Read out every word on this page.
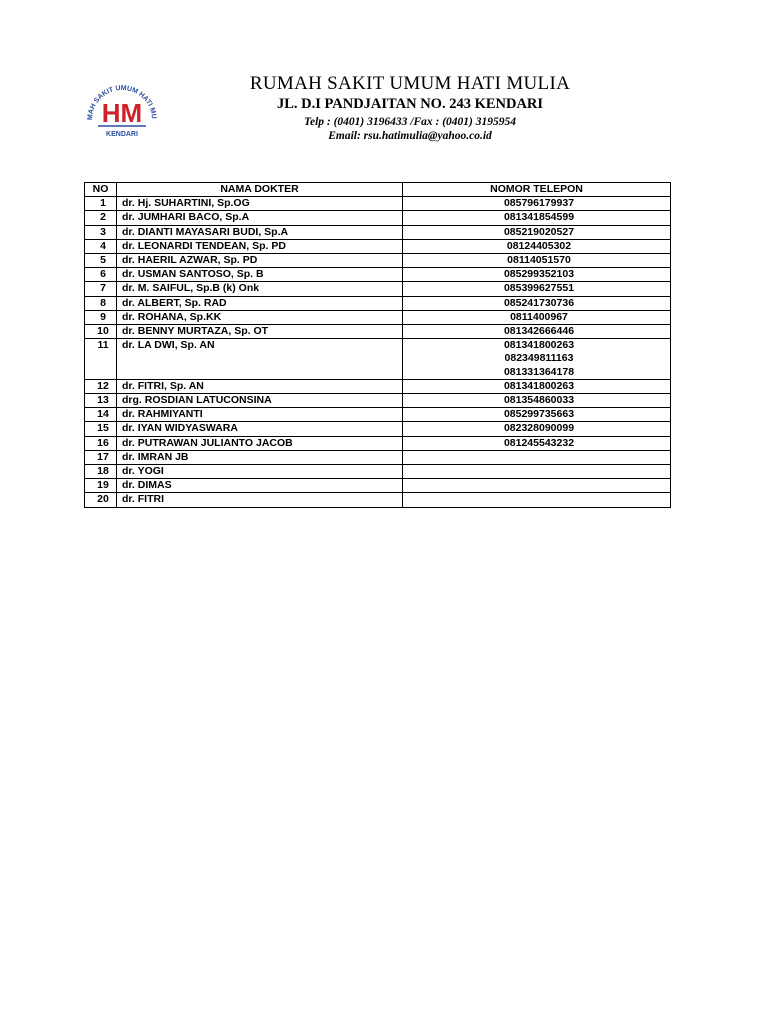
MAH SAKIT UMUM HATI MU
HM
KENDARI
RUMAH SAKIT UMUM HATI MULIA
JL. D.I PANDJAITAN NO. 243 KENDARI
Telp : (0401) 3196433 /Fax : (0401) 3195954
Email: rsu.hatimulia@yahoo.co.id
NO	NAMA DOKTER	NOMOR TELEPON
1	dr. Hj. SUHARTINI, Sp.OG	085796179937

2	dr. JUMHARI BACO, Sp.A	081341854599

3	dr. DIANTI MAYASARI BUDI, Sp.A	085219020527

4	dr. LEONARDI TENDEAN, Sp. PD	08124405302

5	dr. HAERIL AZWAR, Sp. PD	08114051570

6	dr. USMAN SANTOSO, Sp. B	085299352103

7	dr. M. SAIFUL, Sp.B (k) Onk	085399627551

8	dr. ALBERT, Sp. RAD	085241730736

9	dr. ROHANA, Sp.KK	0811400967

10	dr. BENNY MURTAZA, Sp. OT	081342666446

11	dr. LA DWI, Sp. AN	081341800263
082349811163
081331364178

12	dr. FITRI, Sp. AN	081341800263

13	drg. ROSDIAN LATUCONSINA	081354860033

14	dr. RAHMIYANTI	085299735663

15	dr. IYAN WIDYASWARA	082328090099

16	dr. PUTRAWAN JULIANTO JACOB	081245543232

17	dr. IMRAN JB	

18	dr. YOGI	

19	dr. DIMAS	

20	dr. FITRI	
